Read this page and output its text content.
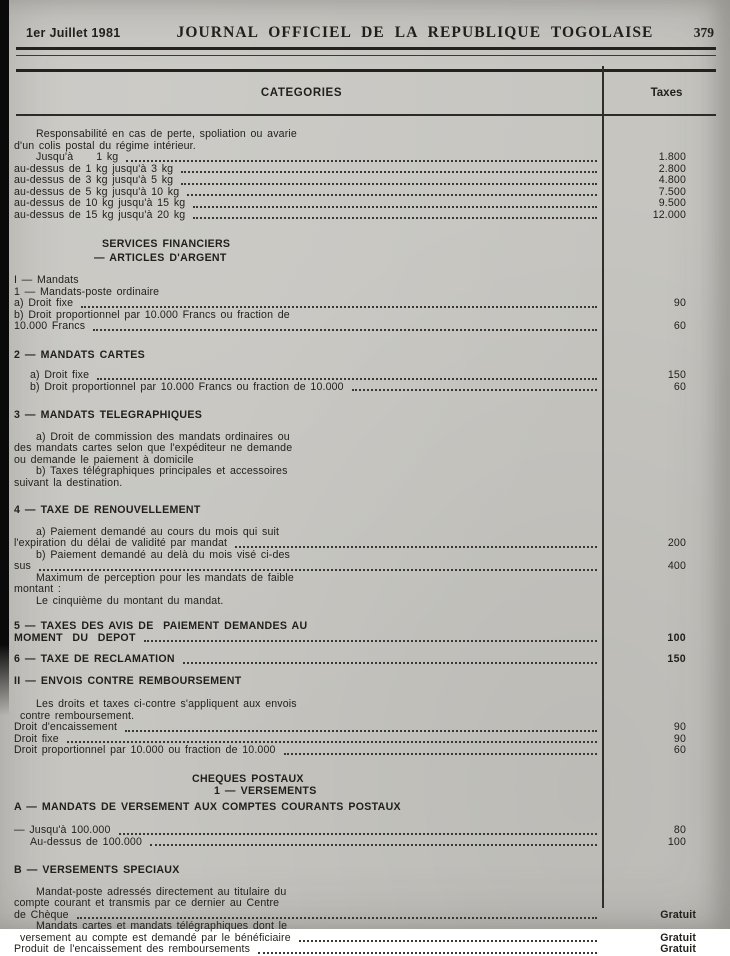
1er Juillet 1981	JOURNAL OFFICIEL DE LA REPUBLIQUE TOGOLAISE	379
CATEGORIES	Taxes
Responsabilité en cas de perte, spoliation ou avarie
d'un colis postal du régime intérieur.
Jusqu'à     1 kg	1.800
au-dessus de 1 kg jusqu'à 3 kg	2.800
au-dessus de 3 kg jusqu'à 5 kg	4.800
au-dessus de 5 kg jusqu'à 10 kg	7.500
au-dessus de 10 kg jusqu'à 15 kg	9.500
au-dessus de 15 kg jusqu'à 20 kg	12.000
SERVICES FINANCIERS
— ARTICLES D'ARGENT
I — Mandats
1 — Mandats-poste ordinaire
a) Droit fixe	90
b) Droit proportionnel par 10.000 Francs ou fraction de
10.000 Francs	60
2 — MANDATS CARTES
a) Droit fixe	150
b) Droit proportionnel par 10.000 Francs ou fraction de 10.000	60
3 — MANDATS TELEGRAPHIQUES
a) Droit de commission des mandats ordinaires ou
des mandats cartes selon que l'expéditeur ne demande
ou demande le paiement à domicile
b) Taxes télégraphiques principales et accessoires
suivant la destination.
4 — TAXE DE RENOUVELLEMENT
a) Paiement demandé au cours du mois qui suit
l'expiration du délai de validité par mandat	200
b) Paiement demandé au delà du mois visé ci-des
sus	400
Maximum de perception pour les mandats de faible
montant :
Le cinquième du montant du mandat.
5 — TAXES DES AVIS DE  PAIEMENT DEMANDES AU
MOMENT  DU  DEPOT	100
6 — TAXE DE RECLAMATION	150
II — ENVOIS CONTRE REMBOURSEMENT
Les droits et taxes ci-contre s'appliquent aux envois
contre remboursement.
Droit d'encaissement	90
Droit fixe	90
Droit proportionnel par 10.000 ou fraction de 10.000	60
CHEQUES POSTAUX
1 — VERSEMENTS
A — MANDATS DE VERSEMENT AUX COMPTES COURANTS POSTAUX
— Jusqu'à 100.000	80
Au-dessus de 100.000	100
B — VERSEMENTS SPECIAUX
Mandat-poste adressés directement au titulaire du
compte courant et transmis par ce dernier au Centre
de Chèque	Gratuit
Mandats cartes et mandats télégraphiques dont le
versement au compte est demandé par le bénéficiaire	Gratuit
Produit de l'encaissement des remboursements	Gratuit
